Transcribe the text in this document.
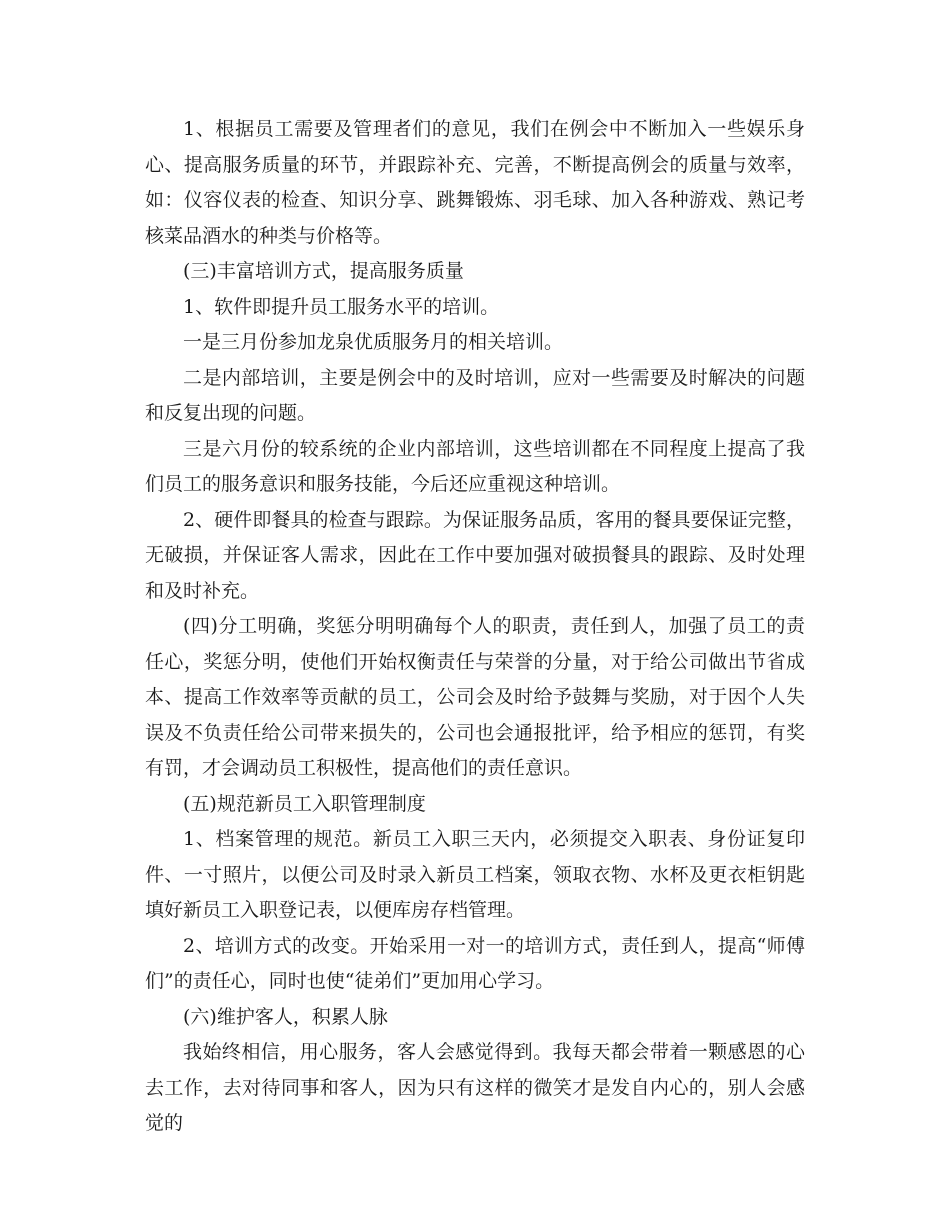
1、根据员工需要及管理者们的意见，我们在例会中不断加入一些娱乐身心、提高服务质量的环节，并跟踪补充、完善，不断提高例会的质量与效率，如：仪容仪表的检查、知识分享、跳舞锻炼、羽毛球、加入各种游戏、熟记考核菜品酒水的种类与价格等。

(三)丰富培训方式，提高服务质量

1、软件即提升员工服务水平的培训。

一是三月份参加龙泉优质服务月的相关培训。

二是内部培训，主要是例会中的及时培训，应对一些需要及时解决的问题和反复出现的问题。

三是六月份的较系统的企业内部培训，这些培训都在不同程度上提高了我们员工的服务意识和服务技能，今后还应重视这种培训。

2、硬件即餐具的检查与跟踪。为保证服务品质，客用的餐具要保证完整，无破损，并保证客人需求，因此在工作中要加强对破损餐具的跟踪、及时处理和及时补充。

(四)分工明确，奖惩分明明确每个人的职责，责任到人，加强了员工的责任心，奖惩分明，使他们开始权衡责任与荣誉的分量，对于给公司做出节省成本、提高工作效率等贡献的员工，公司会及时给予鼓舞与奖励，对于因个人失误及不负责任给公司带来损失的，公司也会通报批评，给予相应的惩罚，有奖有罚，才会调动员工积极性，提高他们的责任意识。

(五)规范新员工入职管理制度

1、档案管理的规范。新员工入职三天内，必须提交入职表、身份证复印件、一寸照片，以便公司及时录入新员工档案，领取衣物、水杯及更衣柜钥匙填好新员工入职登记表，以便库房存档管理。

2、培训方式的改变。开始采用一对一的培训方式，责任到人，提高“师傅们”的责任心，同时也使“徒弟们”更加用心学习。

(六)维护客人，积累人脉

我始终相信，用心服务，客人会感觉得到。我每天都会带着一颗感恩的心去工作，去对待同事和客人，因为只有这样的微笑才是发自内心的，别人会感觉的
